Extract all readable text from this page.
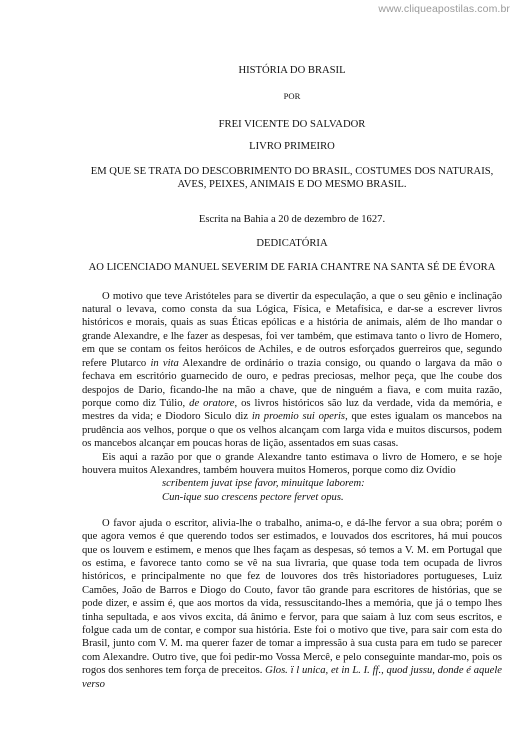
www.cliqueapostilas.com.br

HISTÓRIA DO BRASIL

POR

FREI VICENTE DO SALVADOR

LIVRO PRIMEIRO

EM QUE SE TRATA DO DESCOBRIMENTO DO BRASIL, COSTUMES DOS NATURAIS,

AVES, PEIXES, ANIMAIS E DO MESMO BRASIL.

Escrita na Bahia a 20 de dezembro de 1627.

DEDICATÓRIA

AO LICENCIADO MANUEL SEVERIM DE FARIA CHANTRE NA SANTA SÉ DE ÉVORA

O motivo que teve Aristóteles para se divertir da especulação, a que o seu gênio e inclinação natural o levava, como consta da sua Lógica, Física, e Metafísica, e dar-se a escrever livros históricos e morais, quais as suas Éticas epólicas e a história de animais, além de lho mandar o grande Alexandre, e lhe fazer as despesas, foi ver também, que estimava tanto o livro de Homero, em que se contam os feitos heróicos de Achiles, e de outros esforçados guerreiros que, segundo refere Plutarco in vita Alexandre de ordinário o trazia consigo, ou quando o largava da mão o fechava em escritório guarnecido de ouro, e pedras preciosas, melhor peça, que lhe coube dos despojos de Dario, ficando-lhe na mão a chave, que de ninguém a fiava, e com muita razão, porque como diz Túlio, de oratore, os livros históricos são luz da verdade, vida da memória, e mestres da vida; e Diodoro Siculo diz in proemio sui operis, que estes igualam os mancebos na prudência aos velhos, porque o que os velhos alcançam com larga vida e muitos discursos, podem os mancebos alcançar em poucas horas de lição, assentados em suas casas.

Eis aqui a razão por que o grande Alexandre tanto estimava o livro de Homero, e se hoje houvera muitos Alexandres, também houvera muitos Homeros, porque como diz Ovídio

scribentem juvat ipse favor, minuitque laborem:

Cun-ique suo crescens pectore fervet opus.

O favor ajuda o escritor, alivia-lhe o trabalho, anima-o, e dá-lhe fervor a sua obra; porém o que agora vemos é que querendo todos ser estimados, e louvados dos escritores, há mui poucos que os louvem e estimem, e menos que lhes façam as despesas, só temos a V. M. em Portugal que os estima, e favorece tanto como se vê na sua livraria, que quase toda tem ocupada de livros históricos, e principalmente no que fez de louvores dos três historiadores portugueses, Luiz Camões, João de Barros e Diogo do Couto, favor tão grande para escritores de histórias, que se pode dizer, e assim é, que aos mortos da vida, ressuscitando-lhes a memória, que já o tempo lhes tinha sepultada, e aos vivos excita, dá ânimo e fervor, para que saiam à luz com seus escritos, e folgue cada um de contar, e compor sua história. Este foi o motivo que tive, para sair com esta do Brasil, junto com V. M. ma querer fazer de tomar a impressão à sua custa para em tudo se parecer com Alexandre. Outro tive, que foi pedir-mo Vossa Mercê, e pelo conseguinte mandar-mo, pois os rogos dos senhores tem força de preceitos. Glos. ï l unica, et in L. I. ff., quod jussu, donde é aquele verso
